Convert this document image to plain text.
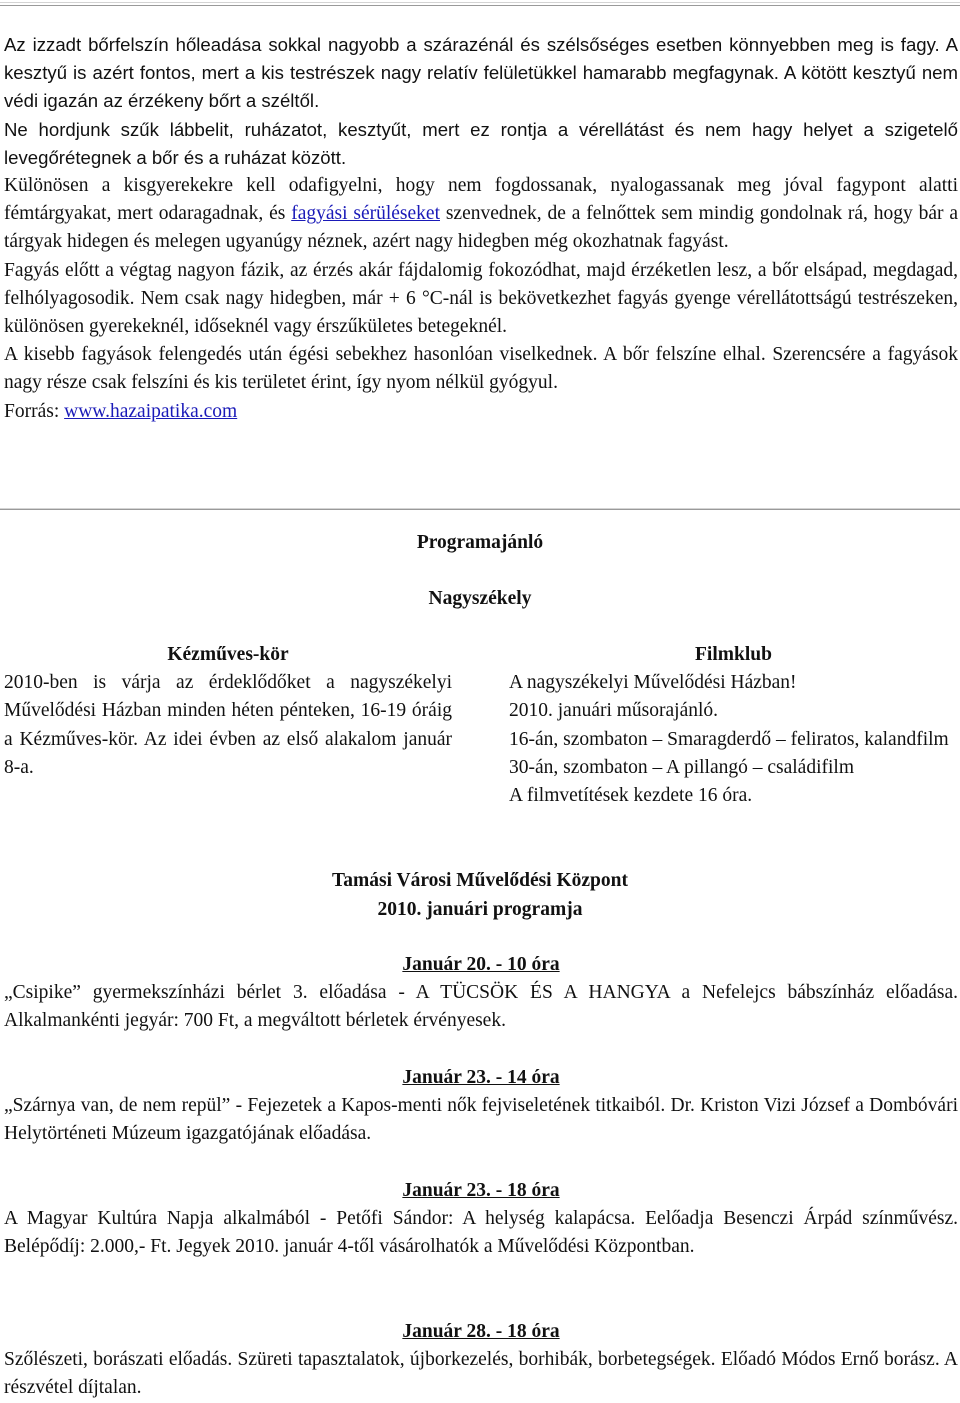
Az izzadt bőrfelszín hőleadása sokkal nagyobb a szárazénál és szélsőséges esetben könnyebben meg is fagy. A kesztyű is azért fontos, mert a kis testrészek nagy relatív felületükkel hamarabb megfagynak. A kötött kesztyű nem védi igazán az érzékeny bőrt a széltől.

Ne hordjunk szűk lábbelit, ruházatot, kesztyűt, mert ez rontja a vérellátást és nem hagy helyet a szigetelő levegőrétegnek a bőr és a ruházat között.

Különösen a kisgyerekekre kell odafigyelni, hogy nem fogdossanak, nyalogassanak meg jóval fagypont alatti fémtárgyakat, mert odaragadnak, és fagyási sérüléseket szenvednek, de a felnőttek sem mindig gondolnak rá, hogy bár a tárgyak hidegen és melegen ugyanúgy néznek, azért nagy hidegben még okozhatnak fagyást.

Fagyás előtt a végtag nagyon fázik, az érzés akár fájdalomig fokozódhat, majd érzéketlen lesz, a bőr elsápad, megdagad, felhólyagosodik. Nem csak nagy hidegben, már + 6 °C-nál is bekövetkezhet fagyás gyenge vérellátottságú testrészeken, különösen gyerekeknél, időseknél vagy érszűkületes betegeknél.

A kisebb fagyások felengedés után égési sebekhez hasonlóan viselkednek. A bőr felszíne elhal. Szerencsére a fagyások nagy része csak felszíni és kis területet érint, így nyom nélkül gyógyul.

Forrás: www.hazaipatika.com

Programajánló

Nagyszékely

Kézműves-kör

2010-ben is várja az érdeklődőket a nagyszékelyi Művelődési Házban minden héten pénteken, 16-19 óráig a Kézműves-kör. Az idei évben az első alakalom január 8-a.

Filmklub

A nagyszékelyi Művelődési Házban!

2010. januári műsorajánló.

16-án, szombaton – Smaragderdő – feliratos, kalandfilm

30-án, szombaton – A pillangó – családifilm

A filmvetítések kezdete 16 óra.

Tamási Városi Művelődési Központ

2010. januári programja

Január 20. - 10 óra

„Csipike” gyermekszínházi bérlet 3. előadása - A TÜCSÖK ÉS A HANGYA a Nefelejcs bábszínház előadása. Alkalmankénti jegyár: 700 Ft, a megváltott bérletek érvényesek.

Január 23. - 14 óra

„Szárnya van, de nem repül” - Fejezetek a Kapos-menti nők fejviseletének titkaiból. Dr. Kriston Vizi József a Dombóvári Helytörténeti Múzeum igazgatójának előadása.

Január 23. - 18 óra

A Magyar Kultúra Napja alkalmából - Petőfi Sándor: A helység kalapácsa. Eelőadja Besenczi Árpád színművész. Belépődíj: 2.000,- Ft. Jegyek 2010. január 4-től vásárolhatók a Művelődési Központban.

Január 28. - 18 óra

Szőlészeti, borászati előadás. Szüreti tapasztalatok, újborkezelés, borhibák, borbetegségek. Előadó Módos Ernő borász. A részvétel díjtalan.
